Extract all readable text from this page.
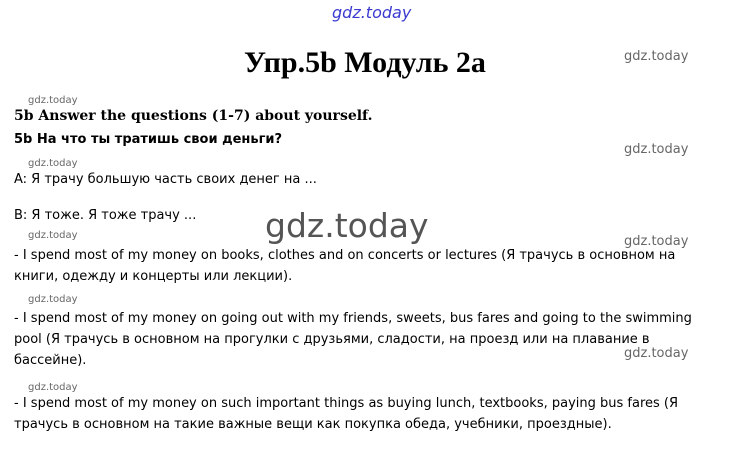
gdz.today
gdz.today
gdz.today
gdz.today
gdz.today
gdz.today
gdz.today
gdz.today
gdz.today
gdz.today
gdz.today
Упр.5b Модуль 2a
5b Answer the questions (1-7) about yourself.
5b На что ты тратишь свои деньги?
A: Я трачу большую часть своих денег на ...
B: Я тоже. Я тоже трачу ...
- I spend most of my money on books, clothes and on concerts or lectures (Я трачусь в основном на книги, одежду и концерты или лекции).
- I spend most of my money on going out with my friends, sweets, bus fares and going to the swimming pool (Я трачусь в основном на прогулки с друзьями, сладости, на проезд или на плавание в бассейне).
- I spend most of my money on such important things as buying lunch, textbooks, paying bus fares (Я трачусь в основном на такие важные вещи как покупка обеда, учебники, проездные).
